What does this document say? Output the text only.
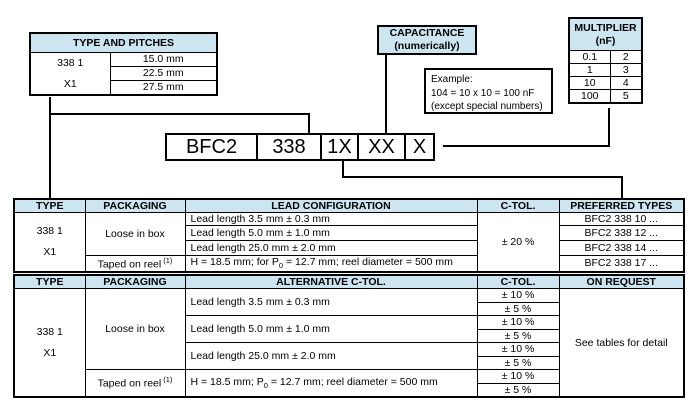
TYPE AND PITCHES

338 1
X1
	15.0 mm
22.5 mm
27.5 mm
CAPACITANCE
(numerically)
Example:
104 = 10 x 10 = 100 nF
(except special numbers)
MULTIPLIER
(nF)	

0.1	2
1	3
10	4
100	5
BFC2	338	1X XX X
TYPE	PACKAGING	LEAD CONFIGURATION	C-TOL.	PREFERRED TYPES

338 1
X1	Loose in box	Lead length 3.5 mm ± 0.3 mm	± 20 %	BFC2 338 10 ...
		Lead length 5.0 mm ± 1.0 mm		BFC2 338 12 ...
		Lead length 25.0 mm ± 2.0 mm		BFC2 338 14 ...
	Taped on reel $^{(1)}$	H = 18.5 mm; for $P_0 = 12.7$ mm; reel diameter = 500 mm		BFC2 338 17 ...
TYPE	PACKAGING	ALTERNATIVE C-TOL.	C-TOL.	ON REQUEST

338 1
X1	Loose in box	Lead length 3.5 mm ± 0.3 mm	± 10 %	See tables for detail
			± 5 %	
		Lead length 5.0 mm ± 1.0 mm	± 10 %	
			± 5 %	
		Lead length 25.0 mm ± 2.0 mm	± 10 %	
			± 5 %	
	Taped on reel $^{(1)}$	H = 18.5 mm; $P_0 = 12.7$ mm; reel diameter = 500 mm	± 10 %	
			± 5 %	
